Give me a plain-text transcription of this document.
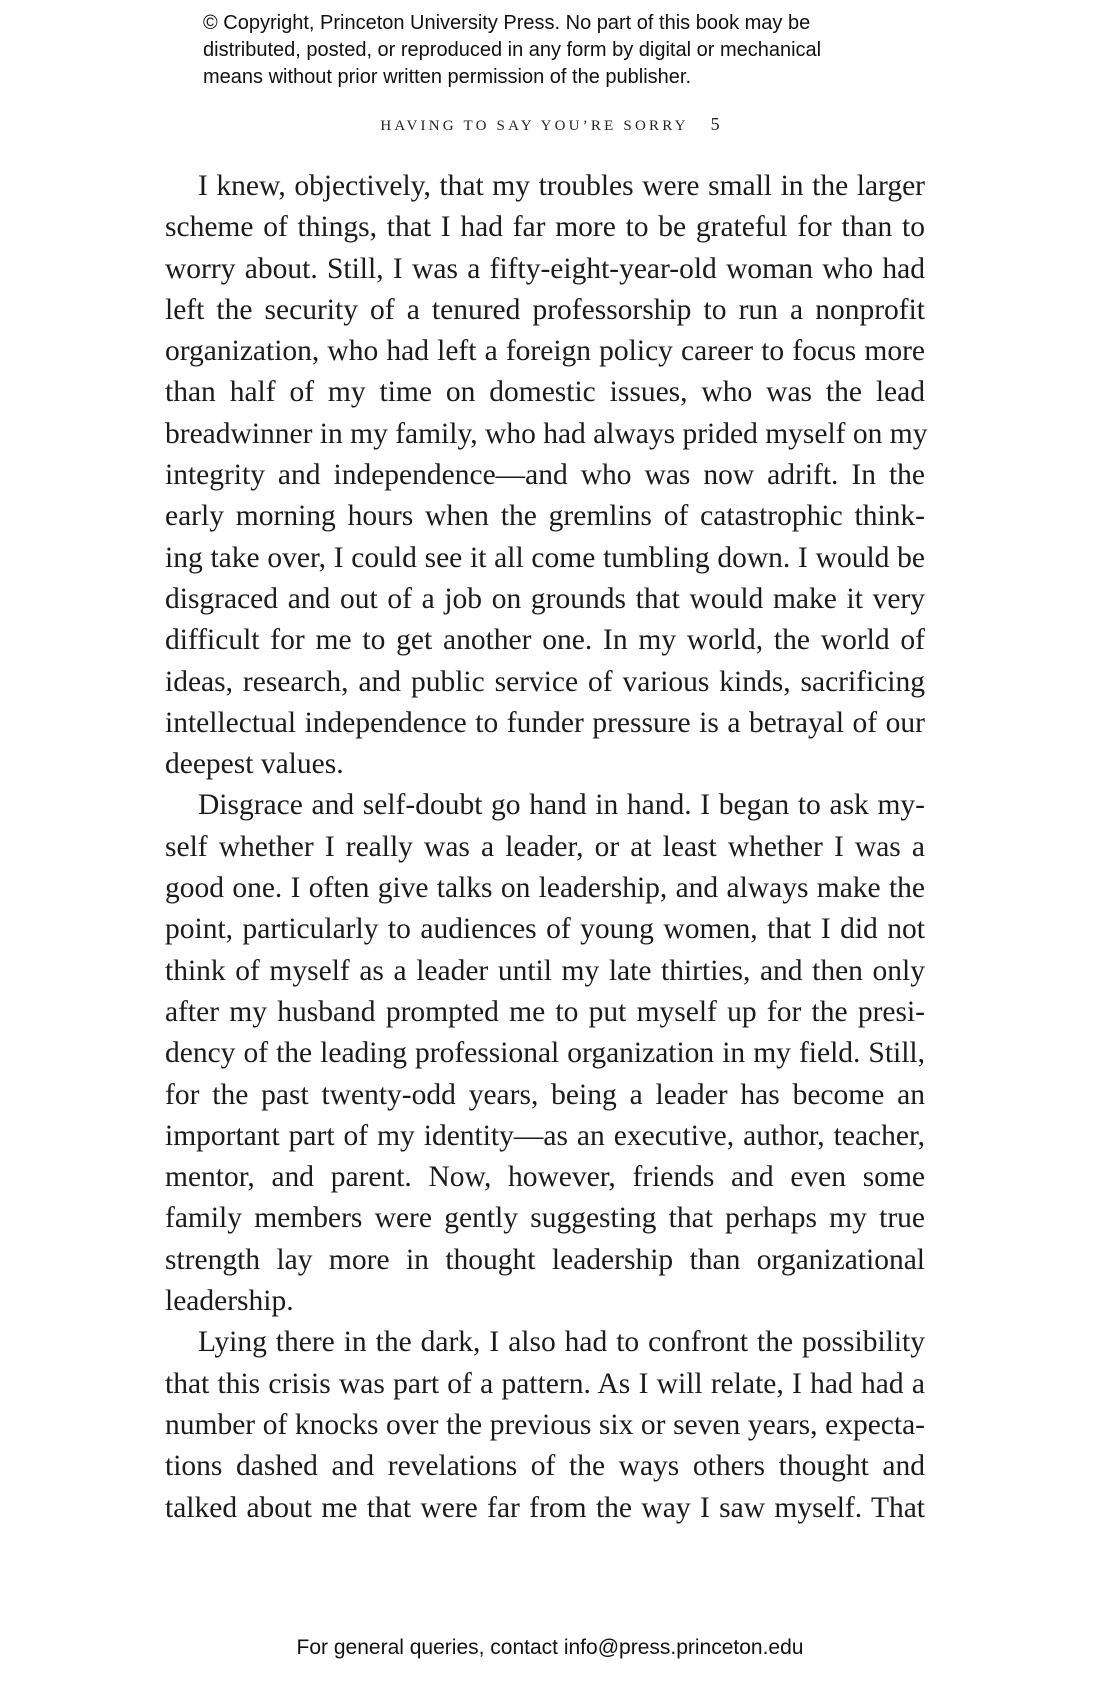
© Copyright, Princeton University Press. No part of this book may be
distributed, posted, or reproduced in any form by digital or mechanical
means without prior written permission of the publisher.
HAVING TO SAY YOU’RE SORRY 5
I knew, objectively, that my troubles were small in the larger
scheme of things, that I had far more to be grateful for than to
worry about. Still, I was a fifty-eight-year-old woman who had
left the security of a tenured professorship to run a nonprofit
organization, who had left a foreign policy career to focus more
than half of my time on domestic issues, who was the lead
breadwinner in my family, who had always prided myself on my
integrity and independence—and who was now adrift. In the
early morning hours when the gremlins of catastrophic think-
ing take over, I could see it all come tumbling down. I would be
disgraced and out of a job on grounds that would make it very
difficult for me to get another one. In my world, the world of
ideas, research, and public service of various kinds, sacrificing
intellectual independence to funder pressure is a betrayal of our
deepest values.
Disgrace and self-doubt go hand in hand. I began to ask my-
self whether I really was a leader, or at least whether I was a
good one. I often give talks on leadership, and always make the
point, particularly to audiences of young women, that I did not
think of myself as a leader until my late thirties, and then only
after my husband prompted me to put myself up for the presi-
dency of the leading professional organization in my field. Still,
for the past twenty-odd years, being a leader has become an
important part of my identity—as an executive, author, teacher,
mentor, and parent. Now, however, friends and even some
family members were gently suggesting that perhaps my true
strength lay more in thought leadership than organizational
leadership.
Lying there in the dark, I also had to confront the possibility
that this crisis was part of a pattern. As I will relate, I had had a
number of knocks over the previous six or seven years, expecta-
tions dashed and revelations of the ways others thought and
talked about me that were far from the way I saw myself. That
For general queries, contact info@press.princeton.edu
